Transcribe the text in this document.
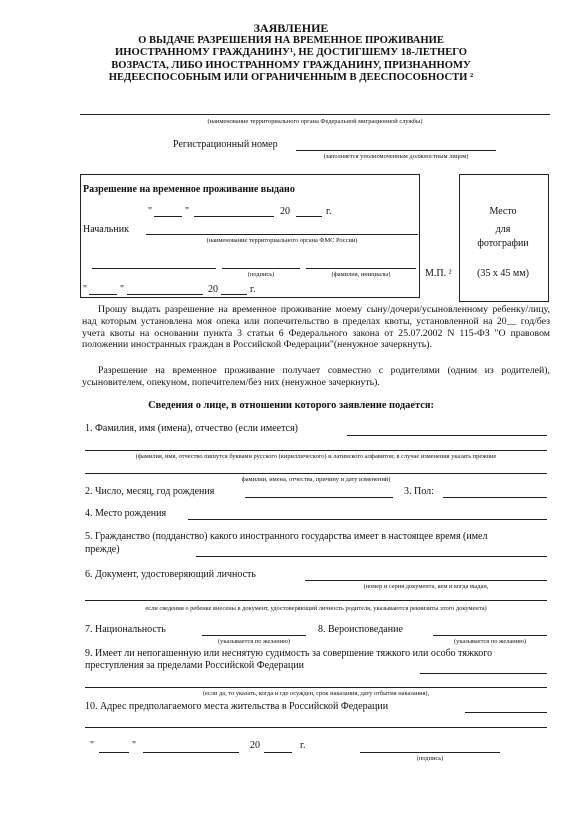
ЗАЯВЛЕНИЕ
О ВЫДАЧЕ РАЗРЕШЕНИЯ НА ВРЕМЕННОЕ ПРОЖИВАНИЕ
ИНОСТРАННОМУ ГРАЖДАНИНУ¹, НЕ ДОСТИГШЕМУ 18-ЛЕТНЕГО
ВОЗРАСТА, ЛИБО ИНОСТРАННОМУ ГРАЖДАНИНУ, ПРИЗНАННОМУ
НЕДЕЕСПОСОБНЫМ ИЛИ ОГРАНИЧЕННЫМ В ДЕЕСПОСОБНОСТИ ²
(наименование территориального органа Федеральной миграционной службы)
Регистрационный номер
(заполняется уполномоченным должностным лицом)
Разрешение на временное проживание выдано
"	"	20	г.
Начальник
(наименование территориального органа ФМС России)
(подпись)	(фамилия, инициалы)	М.П. ²
"	"	20	г.
Место
для
фотографии
(35 х 45 мм)
Прошу выдать разрешение на временное проживание моему сыну/дочери/усыновленному ребенку/лицу, над которым установлена моя опека или попечительство в пределах квоты, установленной на 20__ год/без учета квоты на основании пункта 3 статьи 6 Федерального закона от 25.07.2002 N 115-ФЗ "О правовом положении иностранных граждан в Российской Федерации"(ненужное зачеркнуть).
Разрешение на временное проживание получает совместно с родителями (одним из родителей), усыновителем, опекуном, попечителем/без них (ненужное зачеркнуть).
Сведения о лице, в отношении которого заявление подается:
1. Фамилия, имя (имена), отчество (если имеется)
(фамилия, имя, отчество пишутся буквами русского (кириллического) и латинского алфавитов; в случае изменения указать прежние
фамилии, имена, отчества, причину и дату изменений)
2. Число, месяц, год рождения	3. Пол:
4. Место рождения
5. Гражданство (подданство) какого иностранного государства имеет в настоящее время (имел прежде)
6. Документ, удостоверяющий личность
(номер и серия документа, кем и когда выдан,
если сведения о ребенке внесены в документ, удостоверяющий личность родителя, указываются реквизиты этого документа)
7. Национальность
(указывается по желанию)
8. Вероисповедание
(указывается по желанию)
9. Имеет ли непогашенную или неснятую судимость за совершение тяжкого или особо тяжкого преступления за пределами Российской Федерации
(если да, то указать, когда и где осужден, срок наказания, дату отбытия наказания),
10. Адрес предполагаемого места жительства в Российской Федерации
"	"	20	г.
(подпись)
